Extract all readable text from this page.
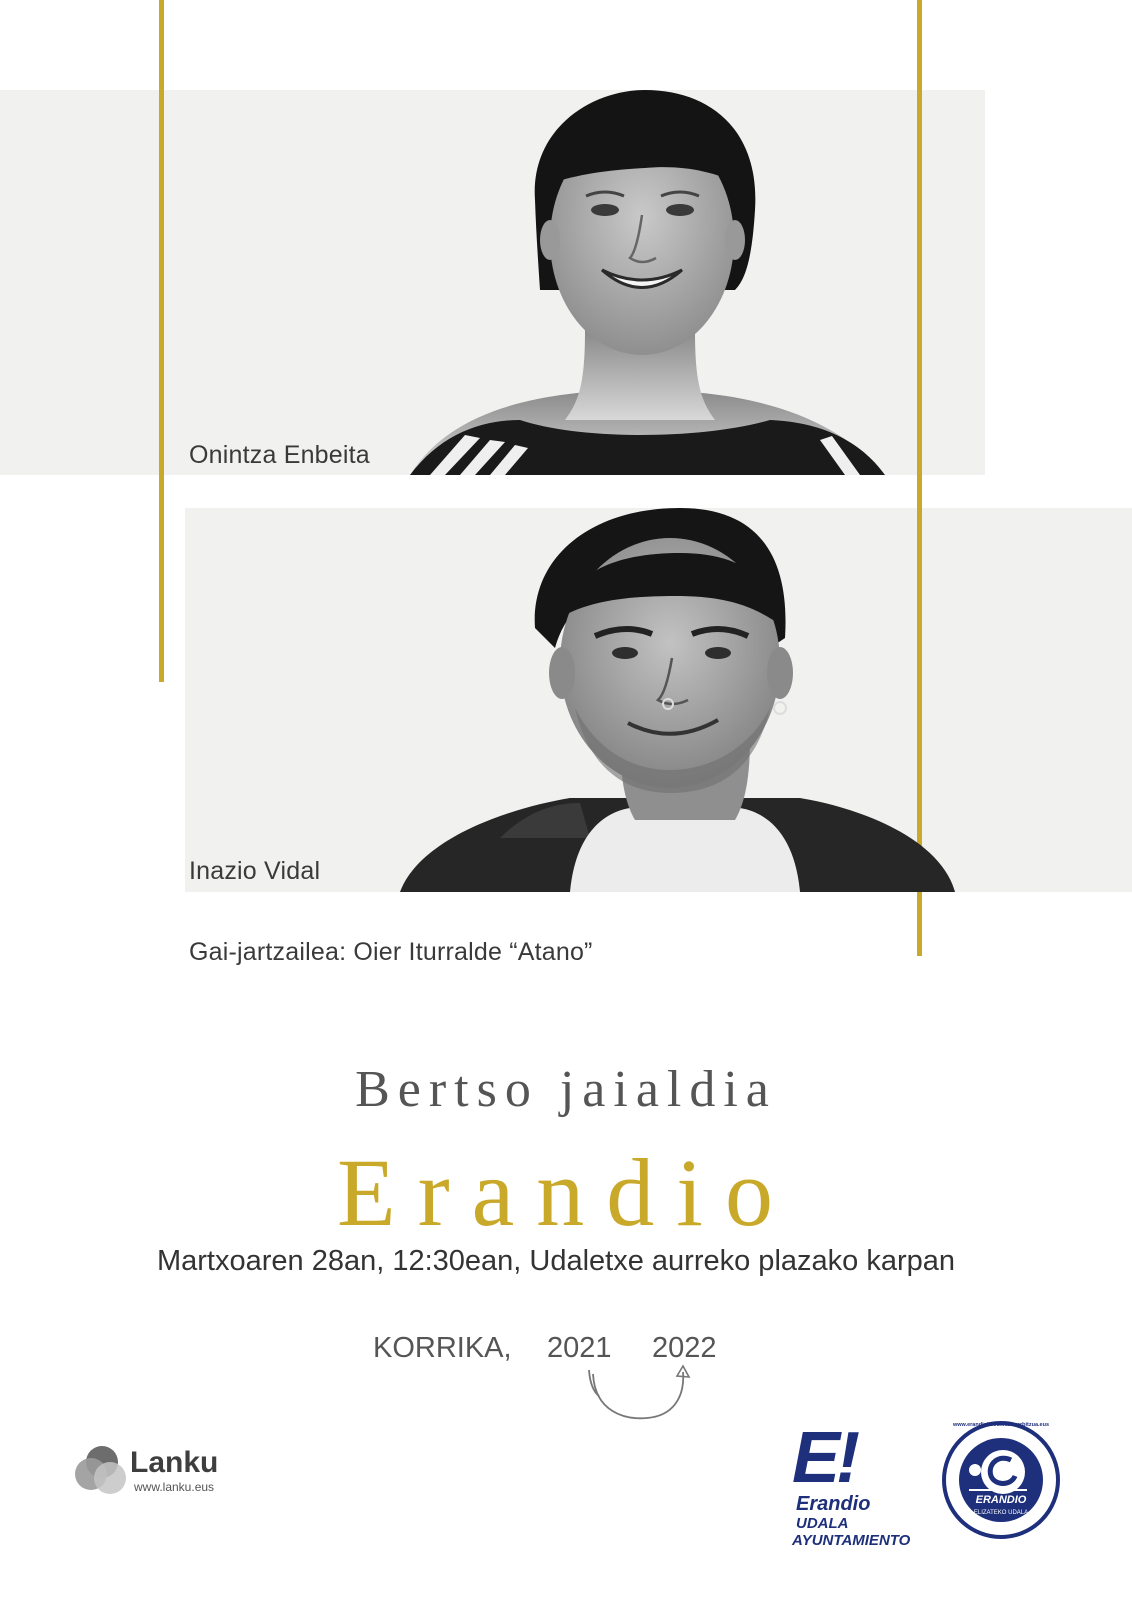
Onintza Enbeita
Inazio Vidal
Gai-jartzailea: Oier Iturralde “Atano”
Bertso jaialdia
Erandio
Martxoaren 28an, 12:30ean, Udaletxe aurreko plazako karpan
KORRIKA, 2021 2022
Lanku
www.lanku.eus	E!
Erandio
UDALA
AYUNTAMIENTO
ERANDIO
ELIZATEKO UDALA
www.erandiokoeuskarazerbitzua.eus
